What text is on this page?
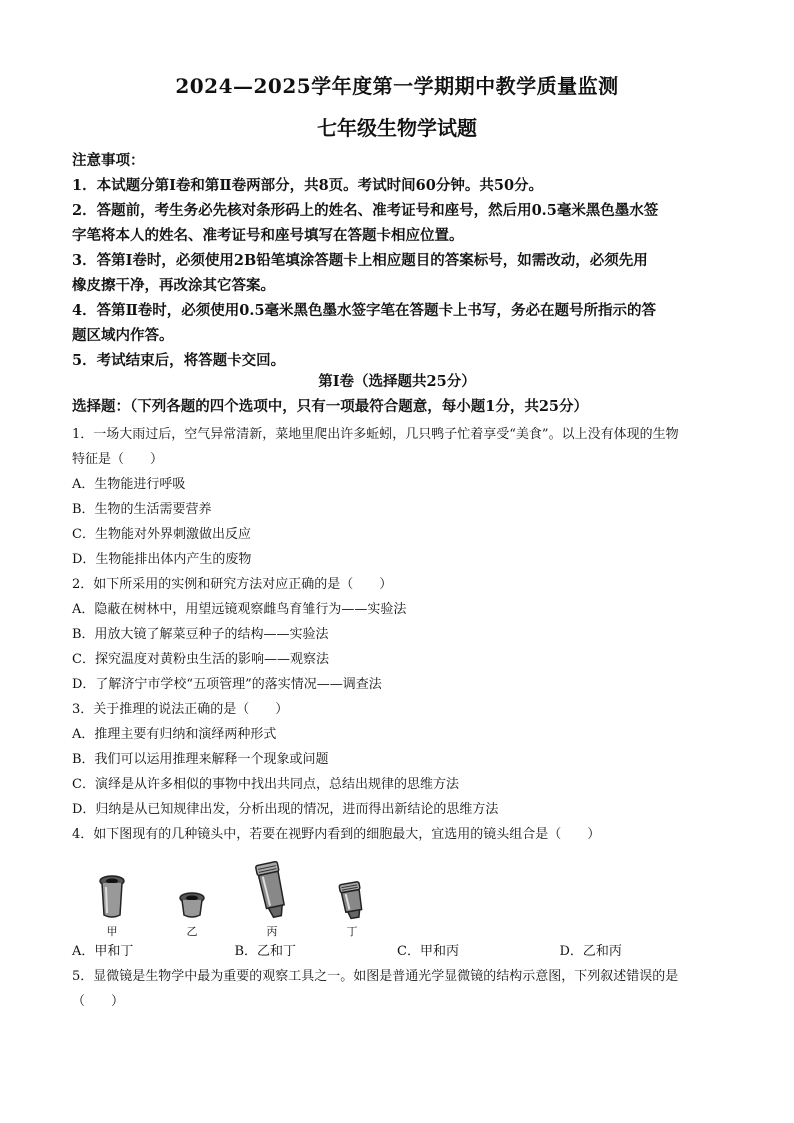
2024—2025学年度第一学期期中教学质量监测
七年级生物学试题

注意事项：

1．本试题分第Ⅰ卷和第Ⅱ卷两部分，共8页。考试时间60分钟。共50分。

2．答题前，考生务必先核对条形码上的姓名、准考证号和座号，然后用0.5毫米黑色墨水签

字笔将本人的姓名、准考证号和座号填写在答题卡相应位置。

3．答第Ⅰ卷时，必须使用2B铅笔填涂答题卡上相应题目的答案标号，如需改动，必须先用

橡皮擦干净，再改涂其它答案。

4．答第Ⅱ卷时，必须使用0.5毫米黑色墨水签字笔在答题卡上书写，务必在题号所指示的答

题区域内作答。

5．考试结束后，将答题卡交回。

第Ⅰ卷（选择题共25分）
选择题：（下列各题的四个选项中，只有一项最符合题意，每小题1分，共25分）

1．一场大雨过后，空气异常清新，菜地里爬出许多蚯蚓，几只鸭子忙着享受“美食”。以上没有体现的生物

特征是（　　）

A．生物能进行呼吸

B．生物的生活需要营养

C．生物能对外界刺激做出反应

D．生物能排出体内产生的废物

2．如下所采用的实例和研究方法对应正确的是（　　）

A．隐蔽在树林中，用望远镜观察雌鸟育雏行为——实验法

B．用放大镜了解菜豆种子的结构——实验法

C．探究温度对黄粉虫生活的影响——观察法

D．了解济宁市学校“五项管理”的落实情况——调查法

3．关于推理的说法正确的是（　　）

A．推理主要有归纳和演绎两种形式

B．我们可以运用推理来解释一个现象或问题

C．演绎是从许多相似的事物中找出共同点，总结出规律的思维方法

D．归纳是从已知规律出发，分析出现的情况，进而得出新结论的思维方法

4．如下图现有的几种镜头中，若要在视野内看到的细胞最大，宜选用的镜头组合是（　　）

甲	乙	丙	丁
A．甲和丁	B．乙和丁	C．甲和丙	D．乙和丙

5．显微镜是生物学中最为重要的观察工具之一。如图是普通光学显微镜的结构示意图，下列叙述错误的是

（　　）
